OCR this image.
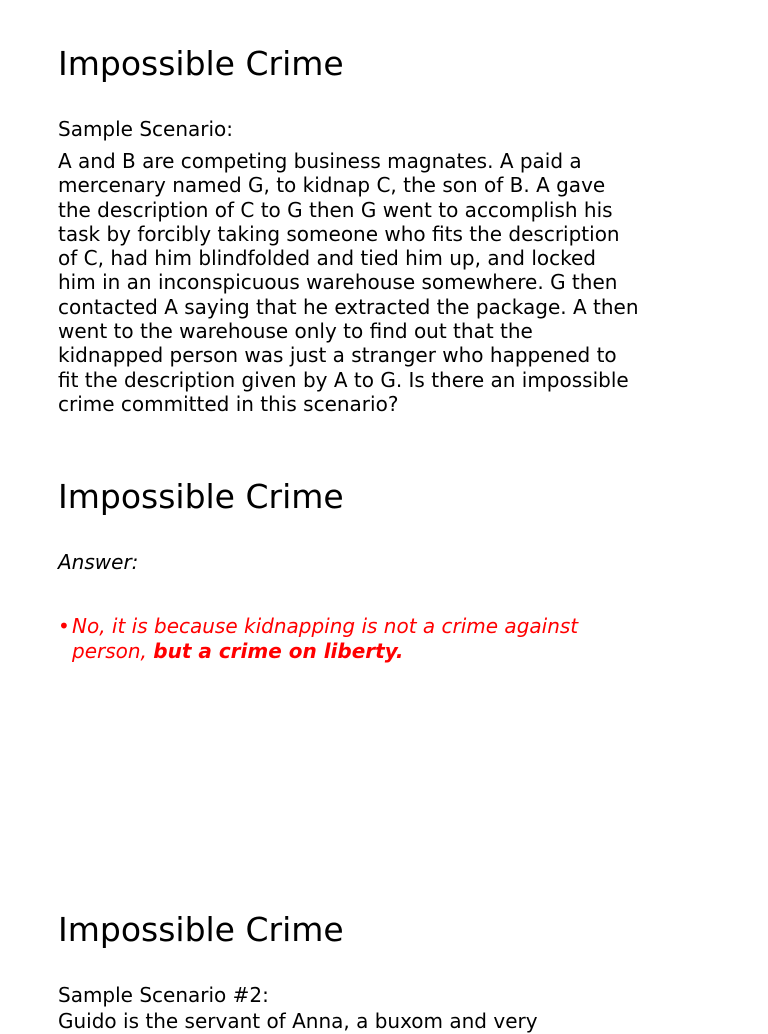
Impossible Crime
Sample Scenario:
A and B are competing business magnates. A paid a
mercenary named G, to kidnap C, the son of B. A gave
the description of C to G then G went to accomplish his
task by forcibly taking someone who fits the description
of C, had him blindfolded and tied him up, and locked
him in an inconspicuous warehouse somewhere. G then
contacted A saying that he extracted the package. A then
went to the warehouse only to find out that the
kidnapped person was just a stranger who happened to
fit the description given by A to G. Is there an impossible
crime committed in this scenario?
Impossible Crime
Answer:
• No, it is because kidnapping is not a crime against
person, but a crime on liberty.
Impossible Crime
Sample Scenario #2:
Guido is the servant of Anna, a buxom and very
